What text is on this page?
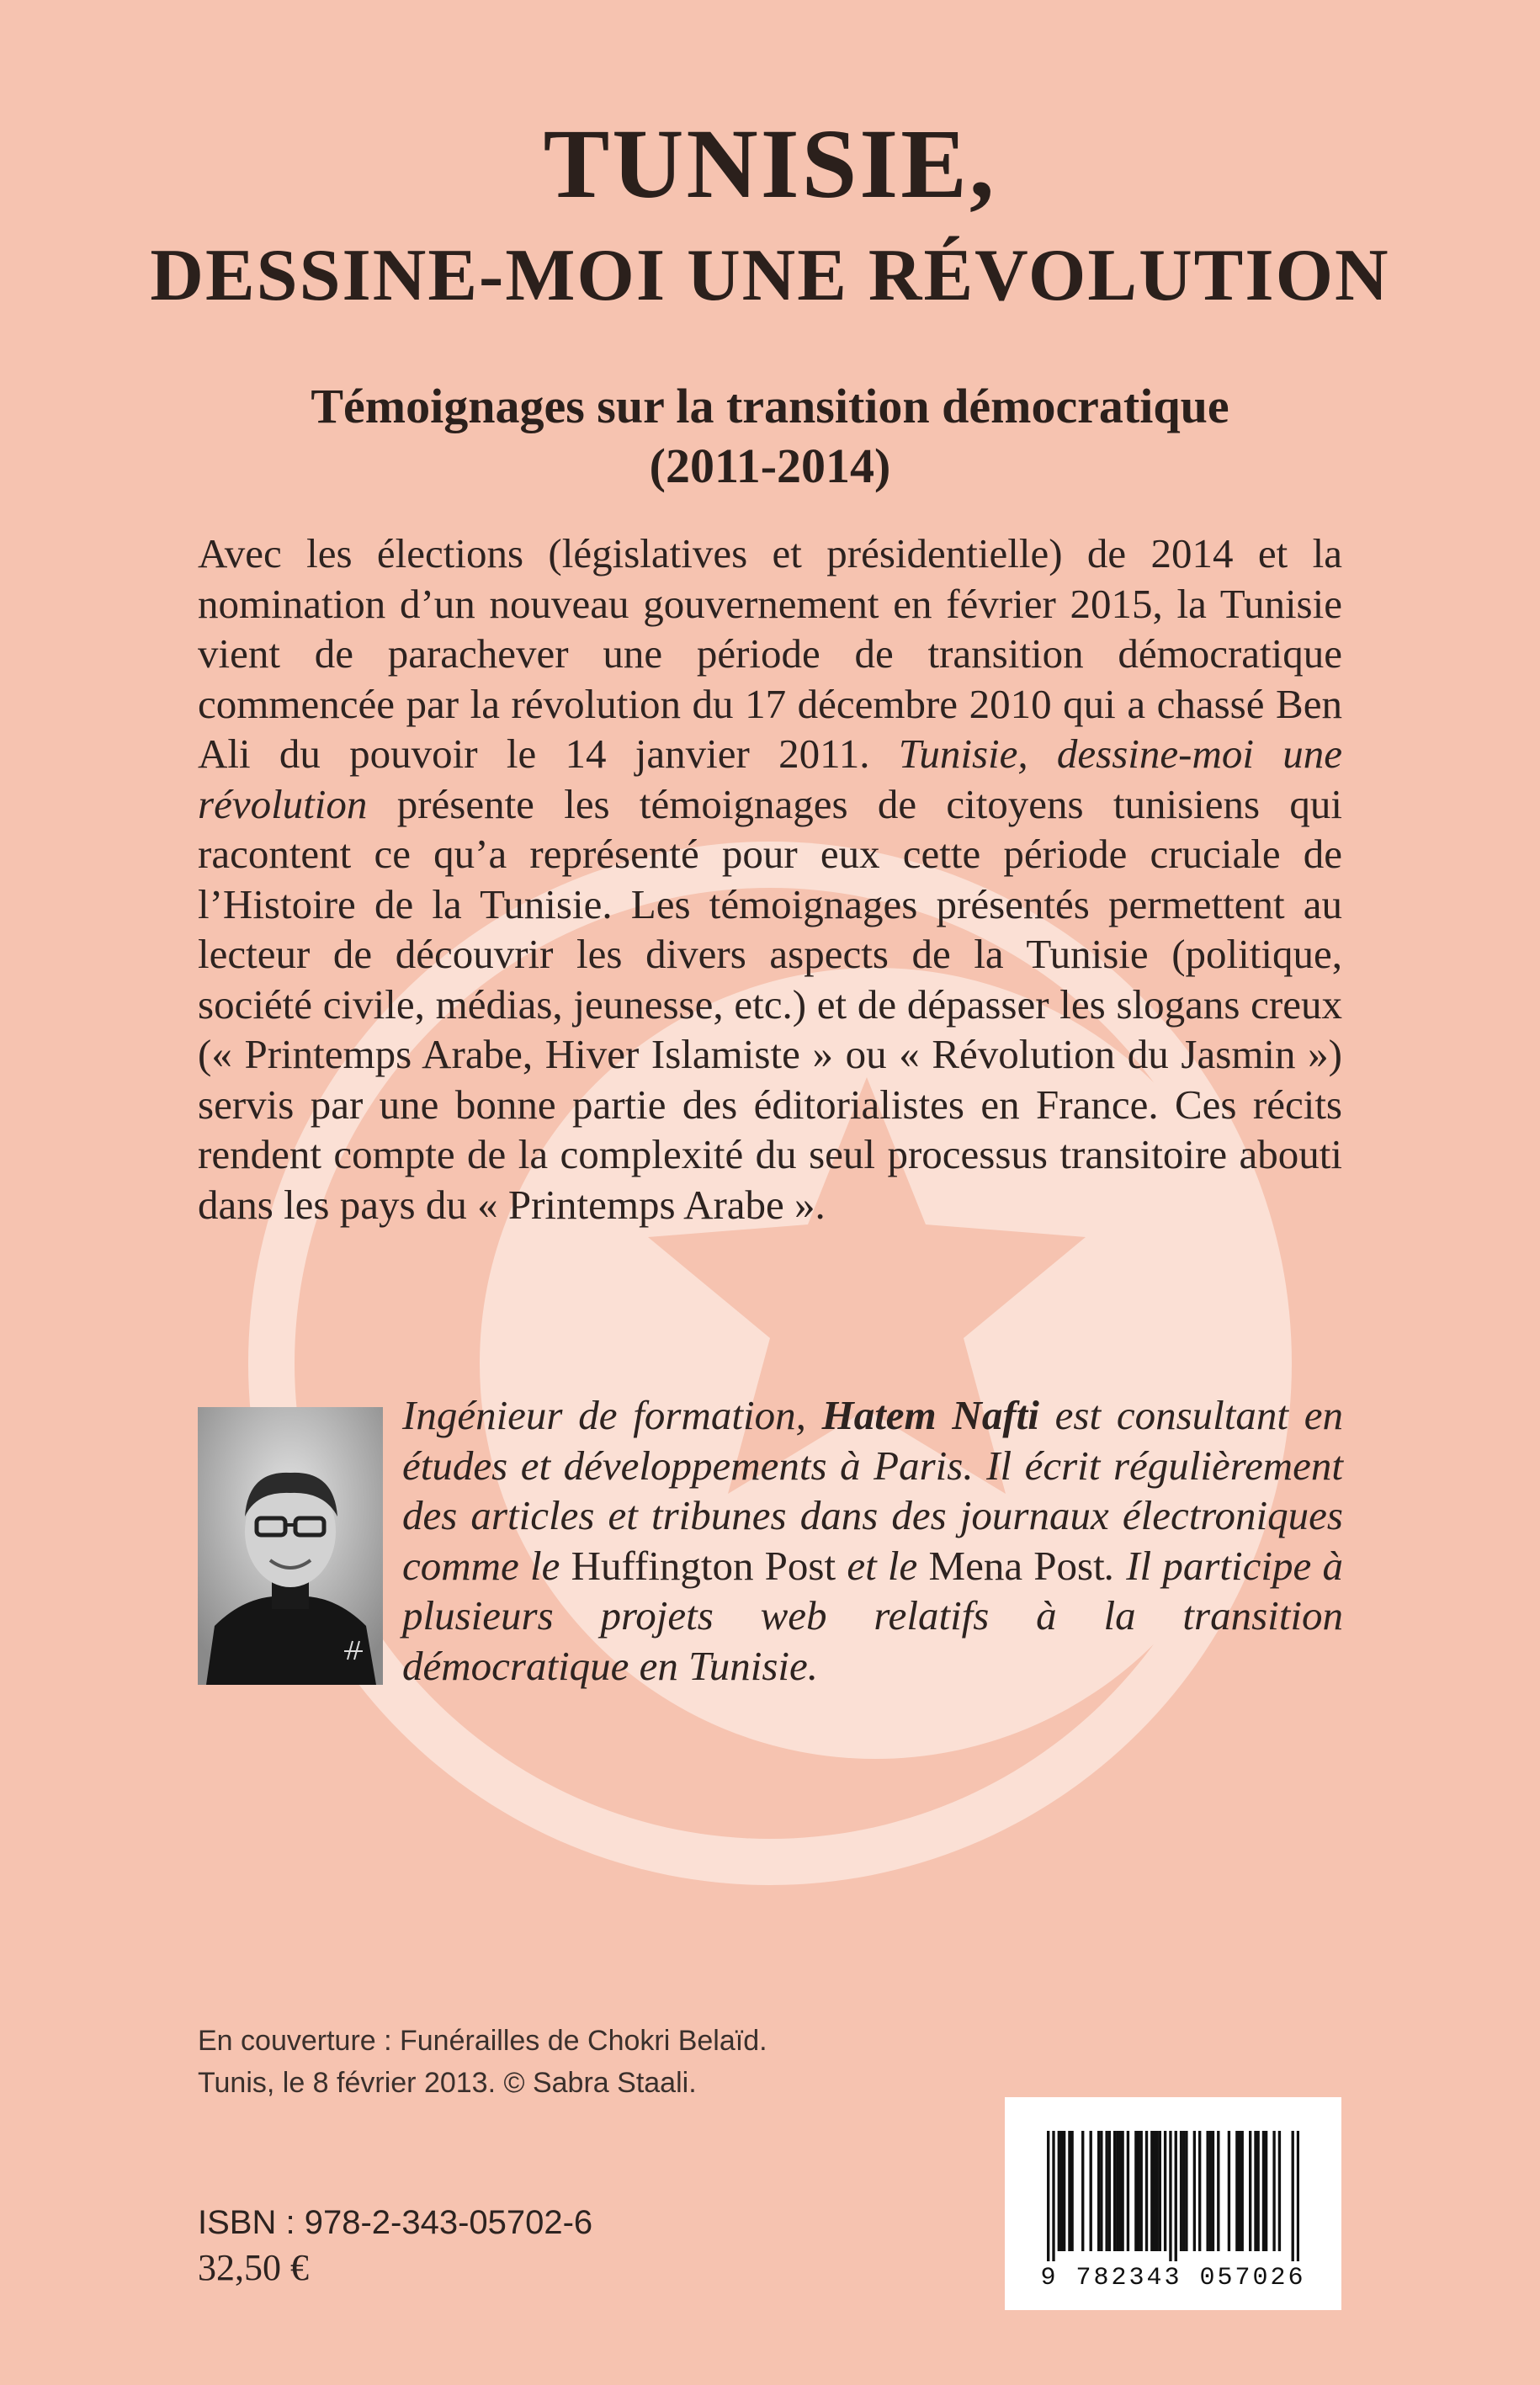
TUNISIE,
DESSINE-MOI UNE RÉVOLUTION
Témoignages sur la transition démocratique
(2011-2014)
Avec les élections (législatives et présidentielle) de 2014 et la nomination d’un nouveau gouvernement en février 2015, la Tunisie vient de parachever une période de transition démocratique commencée par la révolution du 17 décembre 2010 qui a chassé Ben Ali du pouvoir le 14 janvier 2011. Tunisie, dessine-moi une révolution présente les témoignages de citoyens tunisiens qui racontent ce qu’a représenté pour eux cette période cruciale de l’Histoire de la Tunisie. Les témoignages présentés permettent au lecteur de découvrir les divers aspects de la Tunisie (politique, société civile, médias, jeunesse, etc.) et de dépasser les slogans creux (« Printemps Arabe, Hiver Islamiste » ou « Révolution du Jasmin ») servis par une bonne partie des éditorialistes en France. Ces récits rendent compte de la complexité du seul processus transitoire abouti dans les pays du « Printemps Arabe ».
Ingénieur de formation, Hatem Nafti est consultant en études et développements à Paris. Il écrit régulièrement des articles et tribunes dans des journaux électroniques comme le Huffington Post et le Mena Post. Il participe à plusieurs projets web relatifs à la transition démocratique en Tunisie.
En couverture : Funérailles de Chokri Belaïd.
Tunis, le 8 février 2013. © Sabra Staali.
ISBN : 978-2-343-05702-6
32,50 €	9 782343 057026
